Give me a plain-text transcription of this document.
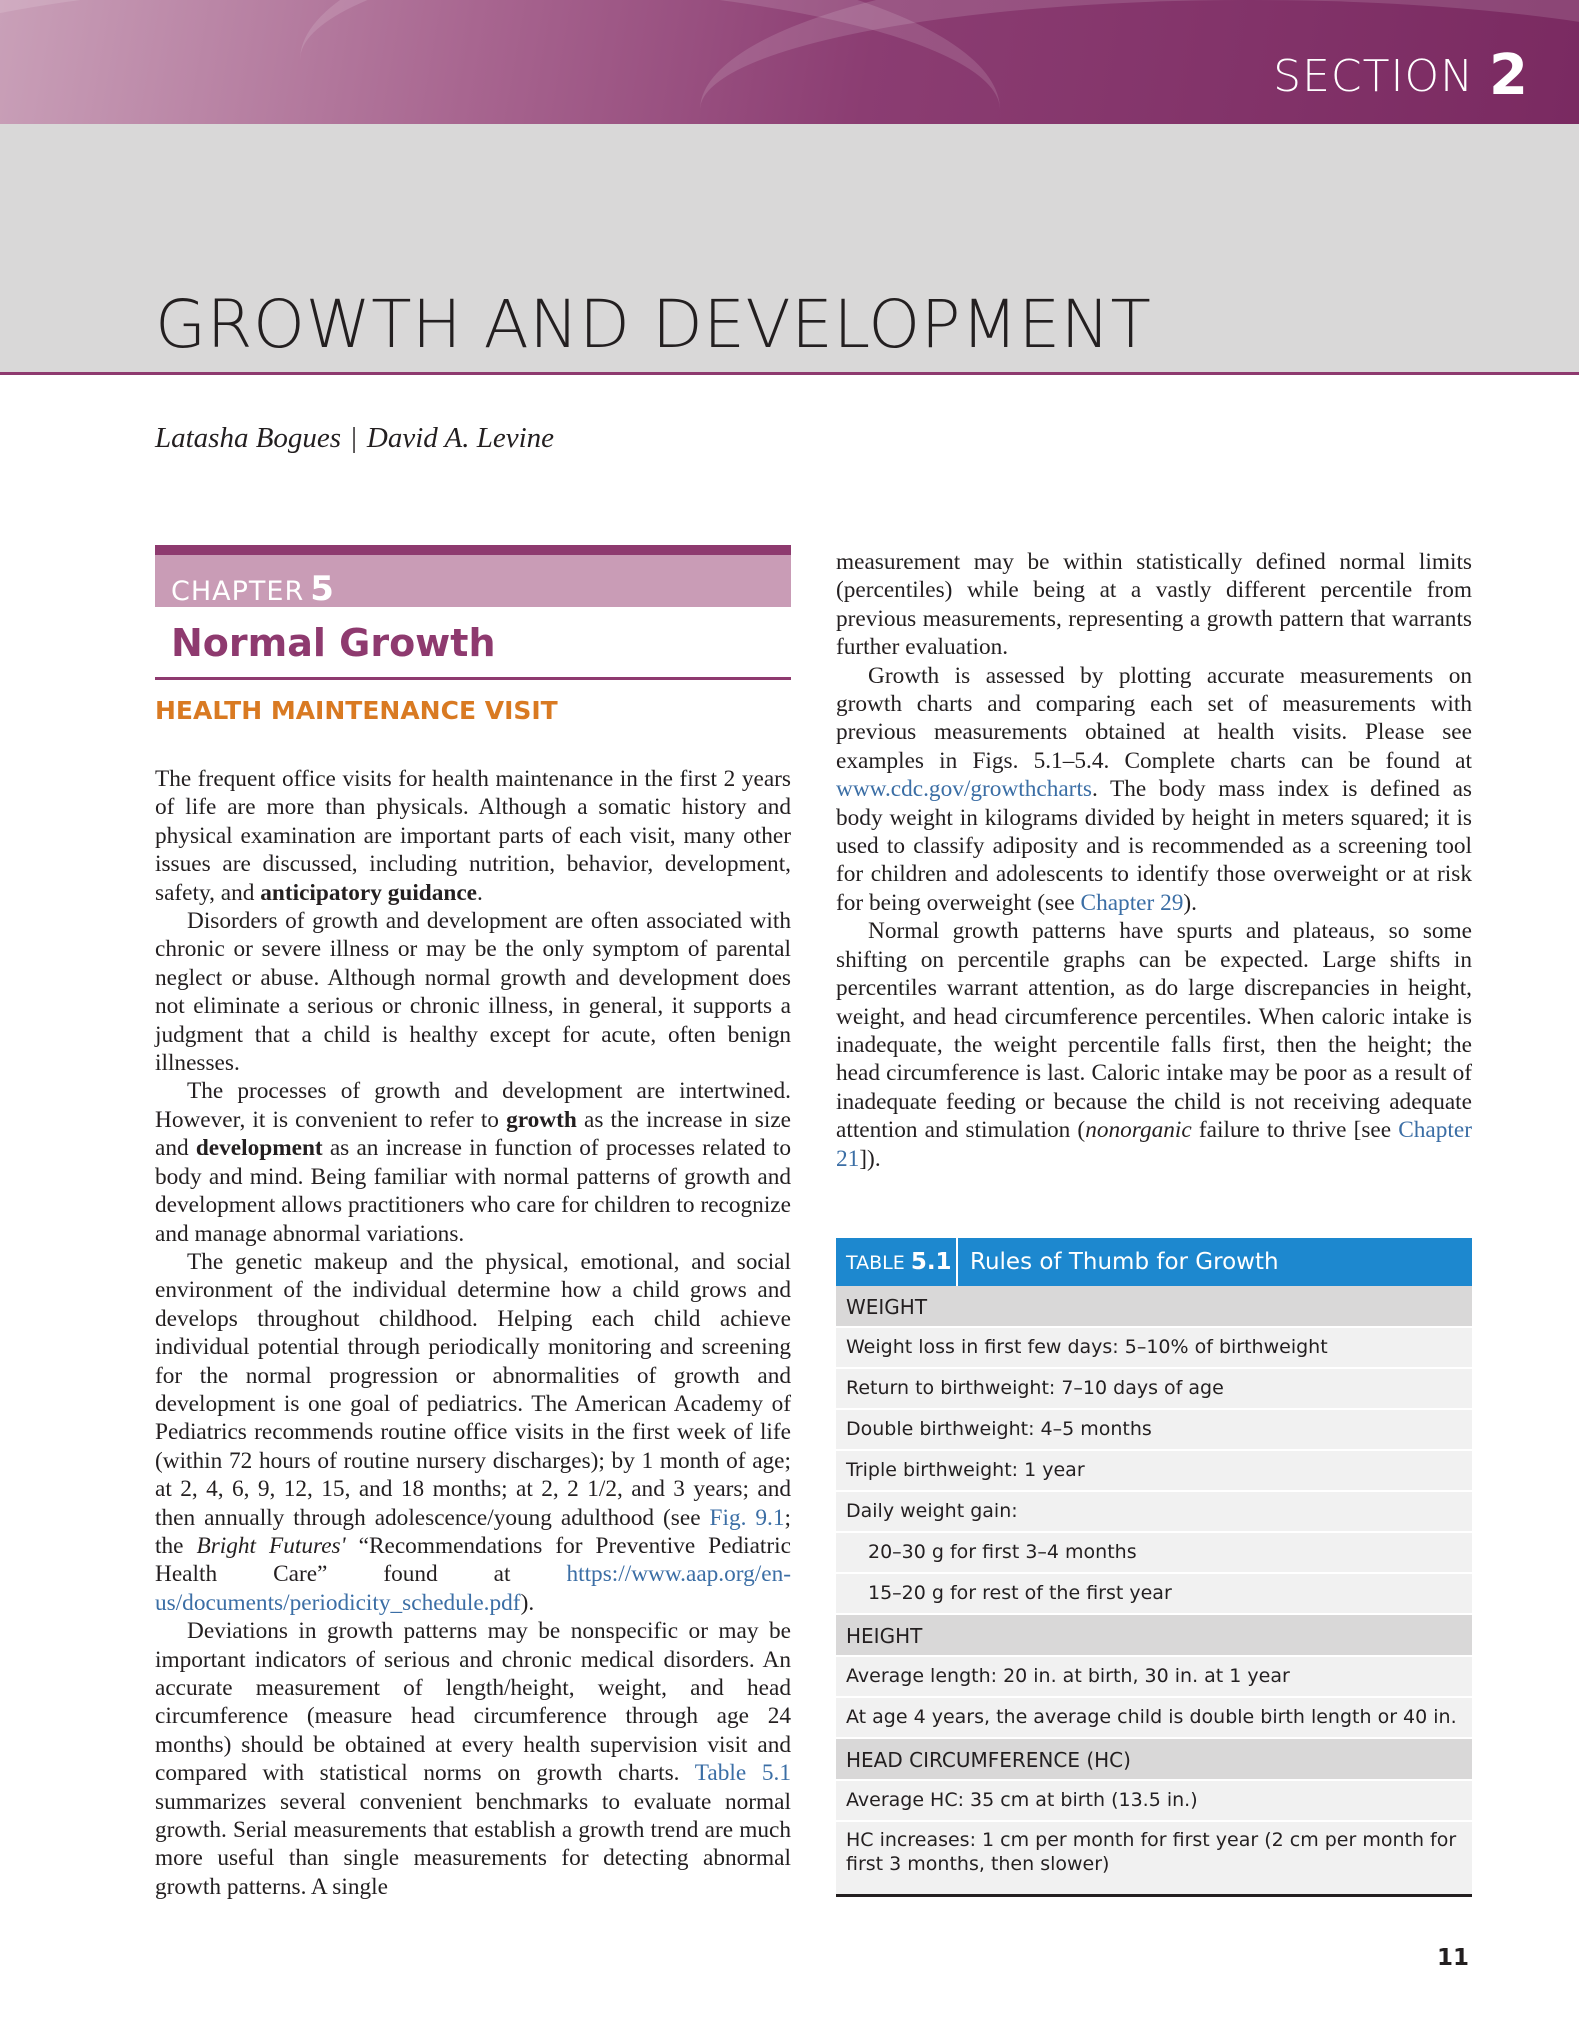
SECTION 2
GROWTH AND DEVELOPMENT
Latasha Bogues | David A. Levine
CHAPTER 5
Normal Growth
HEALTH MAINTENANCE VISIT

The frequent office visits for health maintenance in the first 2 years of life are more than physicals. Although a somatic history and physical examination are important parts of each visit, many other issues are discussed, including nutrition, behavior, development, safety, and anticipatory guidance.

Disorders of growth and development are often associated with chronic or severe illness or may be the only symptom of parental neglect or abuse. Although normal growth and development does not eliminate a serious or chronic illness, in general, it supports a judgment that a child is healthy except for acute, often benign illnesses.

The processes of growth and development are intertwined. However, it is convenient to refer to growth as the increase in size and development as an increase in function of processes related to body and mind. Being familiar with normal patterns of growth and development allows practitioners who care for children to recognize and manage abnormal variations.

The genetic makeup and the physical, emotional, and social environment of the individual determine how a child grows and develops throughout childhood. Helping each child achieve individual potential through periodically monitoring and screening for the normal progression or abnormalities of growth and development is one goal of pediatrics. The American Academy of Pediatrics recommends routine office visits in the first week of life (within 72 hours of routine nursery discharges); by 1 month of age; at 2, 4, 6, 9, 12, 15, and 18 months; at 2, 2 1/2, and 3 years; and then annually through adolescence/young adulthood (see Fig. 9.1; the Bright Futures' “Recommendations for Preventive Pediatric Health Care” found at https://www.aap.org/en-us/documents/periodicity_schedule.pdf).

Deviations in growth patterns may be nonspecific or may be important indicators of serious and chronic medical disorders. An accurate measurement of length/height, weight, and head circumference (measure head circumference through age 24 months) should be obtained at every health supervision visit and compared with statistical norms on growth charts. Table 5.1 summarizes several convenient benchmarks to evaluate normal growth. Serial measurements that establish a growth trend are much more useful than single measurements for detecting abnormal growth patterns. A single

measurement may be within statistically defined normal limits (percentiles) while being at a vastly different percentile from previous measurements, representing a growth pattern that warrants further evaluation.

Growth is assessed by plotting accurate measurements on growth charts and comparing each set of measurements with previous measurements obtained at health visits. Please see examples in Figs. 5.1–5.4. Complete charts can be found at www.cdc.gov/growthcharts. The body mass index is defined as body weight in kilograms divided by height in meters squared; it is used to classify adiposity and is recommended as a screening tool for children and adolescents to identify those overweight or at risk for being overweight (see Chapter 29).

Normal growth patterns have spurts and plateaus, so some shifting on percentile graphs can be expected. Large shifts in percentiles warrant attention, as do large discrepancies in height, weight, and head circumference percentiles. When caloric intake is inadequate, the weight percentile falls first, then the height; the head circumference is last. Caloric intake may be poor as a result of inadequate feeding or because the child is not receiving adequate attention and stimulation (nonorganic failure to thrive [see Chapter 21]).

TABLE 5.1 Rules of Thumb for Growth
WEIGHT
Weight loss in first few days: 5–10% of birthweight
Return to birthweight: 7–10 days of age
Double birthweight: 4–5 months
Triple birthweight: 1 year
Daily weight gain:
20–30 g for first 3–4 months
15–20 g for rest of the first year
HEIGHT
Average length: 20 in. at birth, 30 in. at 1 year
At age 4 years, the average child is double birth length or 40 in.
HEAD CIRCUMFERENCE (HC)
Average HC: 35 cm at birth (13.5 in.)
HC increases: 1 cm per month for first year (2 cm per month for first 3 months, then slower)
11
